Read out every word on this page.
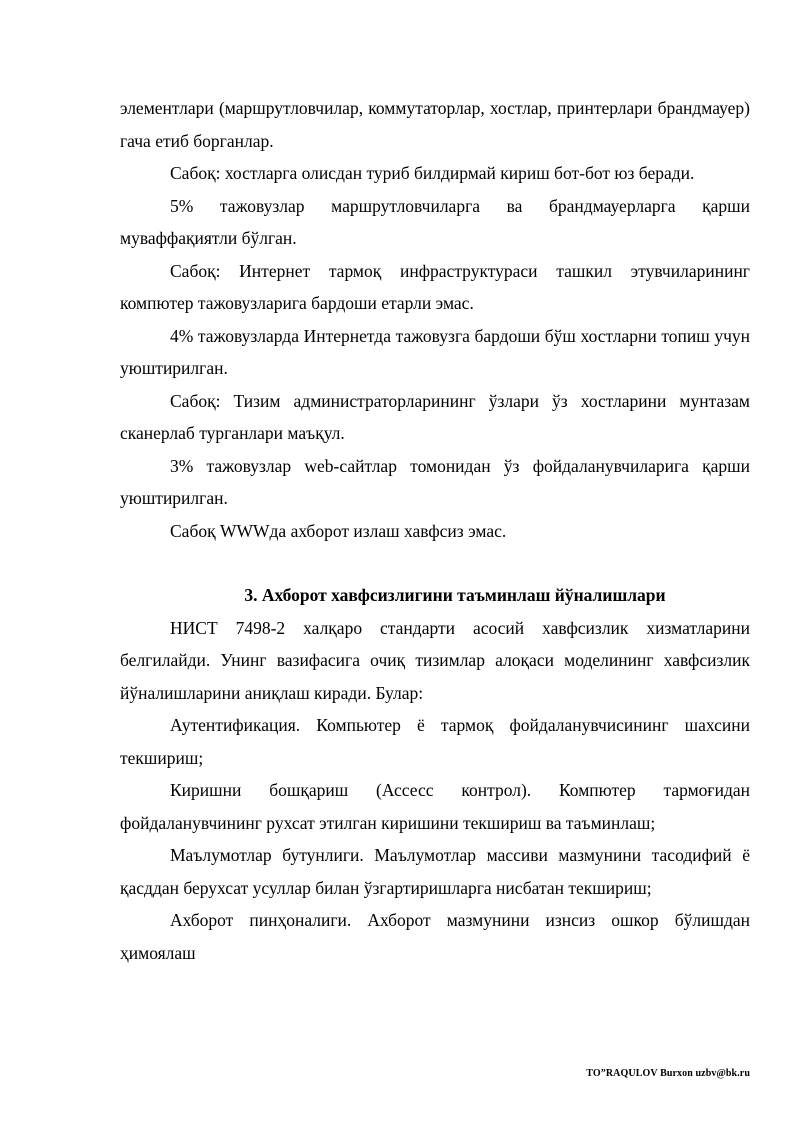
элементлари (маршрутловчилар, коммутаторлар, хостлар, принтерлари брандмауер) гача етиб борганлар.

Сабоқ: хостларга олисдан туриб билдирмай кириш бот-бот юз беради.

5% тажовузлар маршрутловчиларга ва брандмауерларга қарши муваффақиятли бўлган.

Сабоқ: Интернет тармоқ инфраструктураси ташкил этувчиларининг компютер тажовузларига бардоши етарли эмас.

4% тажовузларда Интернетда тажовузга бардоши бўш хостларни топиш учун уюштирилган.

Сабоқ: Тизим администраторларининг ўзлари ўз хостларини мунтазам сканерлаб турганлари маъқул.

3% тажовузлар web-сайтлар томонидан ўз фойдаланувчиларига қарши уюштирилган.

Сабоқ WWWда ахборот излаш хавфсиз эмас.

3. Ахборот хавфсизлигини таъминлаш йўналишлари

НИСТ 7498-2 халқаро стандарти асосий хавфсизлик хизматларини белгилайди. Унинг вазифасига очиқ тизимлар алоқаси моделининг хавфсизлик йўналишларини аниқлаш киради. Булар:

Аутентификация. Компьютер ё тармоқ фойдаланувчисининг шахсини текшириш;

Киришни бошқариш (Ассесс контрол). Компютер тармоғидан фойдаланувчининг рухсат этилган киришини текшириш ва таъминлаш;

Маълумотлар бутунлиги. Маълумотлар массиви мазмунини тасодифий ё қасддан берухсат усуллар билан ўзгартиришларга нисбатан текшириш;

Ахборот пинҳоналиги. Ахборот мазмунини изнсиз ошкор бўлишдан ҳимоялаш

TO”RAQULOV Burxon uzbv@bk.ru
